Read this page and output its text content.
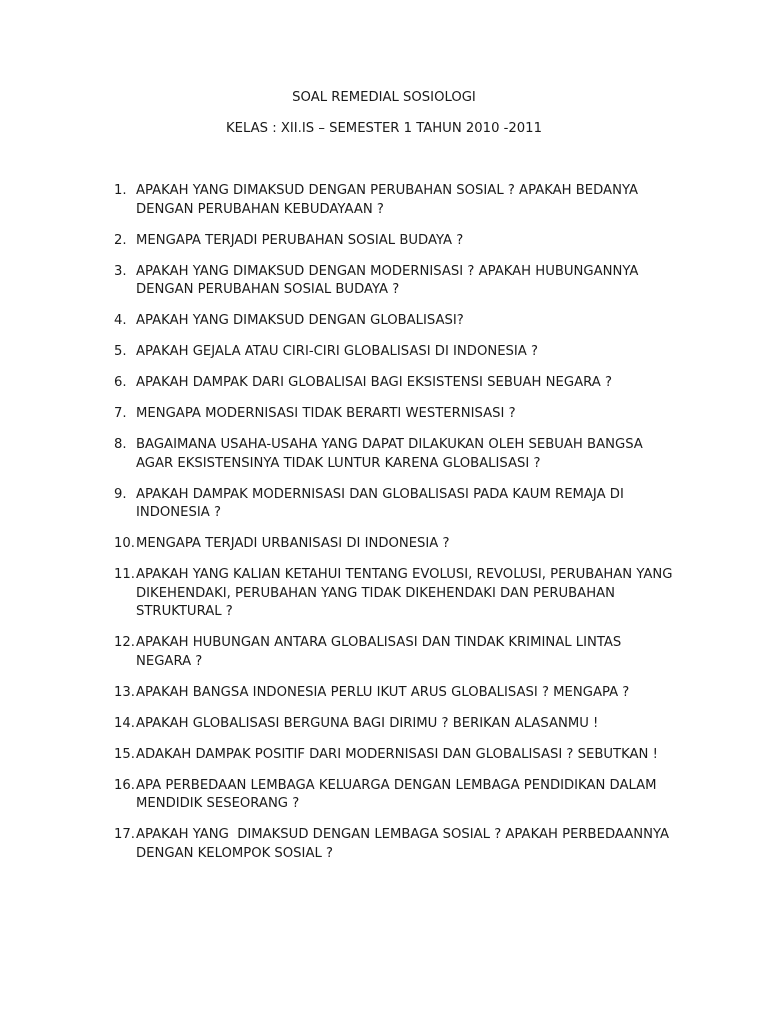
SOAL REMEDIAL SOSIOLOGI
KELAS : XII.IS – SEMESTER 1 TAHUN 2010 -2011
1. APAKAH YANG DIMAKSUD DENGAN PERUBAHAN SOSIAL ? APAKAH BEDANYA DENGAN PERUBAHAN KEBUDAYAAN ?
2. MENGAPA TERJADI PERUBAHAN SOSIAL BUDAYA ?
3. APAKAH YANG DIMAKSUD DENGAN MODERNISASI ? APAKAH HUBUNGANNYA DENGAN PERUBAHAN SOSIAL BUDAYA ?
4. APAKAH YANG DIMAKSUD DENGAN GLOBALISASI?
5. APAKAH GEJALA ATAU CIRI-CIRI GLOBALISASI DI INDONESIA ?
6. APAKAH DAMPAK DARI GLOBALISAI BAGI EKSISTENSI SEBUAH NEGARA ?
7. MENGAPA MODERNISASI TIDAK BERARTI WESTERNISASI ?
8. BAGAIMANA USAHA-USAHA YANG DAPAT DILAKUKAN OLEH SEBUAH BANGSA AGAR EKSISTENSINYA TIDAK LUNTUR KARENA GLOBALISASI ?
9. APAKAH DAMPAK MODERNISASI DAN GLOBALISASI PADA KAUM REMAJA DI INDONESIA ?
10. MENGAPA TERJADI URBANISASI DI INDONESIA ?
11. APAKAH YANG KALIAN KETAHUI TENTANG EVOLUSI, REVOLUSI, PERUBAHAN YANG DIKEHENDAKI, PERUBAHAN YANG TIDAK DIKEHENDAKI DAN PERUBAHAN STRUKTURAL ?
12. APAKAH HUBUNGAN ANTARA GLOBALISASI DAN TINDAK KRIMINAL LINTAS NEGARA ?
13. APAKAH BANGSA INDONESIA PERLU IKUT ARUS GLOBALISASI ? MENGAPA ?
14. APAKAH GLOBALISASI BERGUNA BAGI DIRIMU ? BERIKAN ALASANMU !
15. ADAKAH DAMPAK POSITIF DARI MODERNISASI DAN GLOBALISASI ? SEBUTKAN !
16. APA PERBEDAAN LEMBAGA KELUARGA DENGAN LEMBAGA PENDIDIKAN DALAM MENDIDIK SESEORANG ?
17. APAKAH YANG  DIMAKSUD DENGAN LEMBAGA SOSIAL ? APAKAH PERBEDAANNYA DENGAN KELOMPOK SOSIAL ?
